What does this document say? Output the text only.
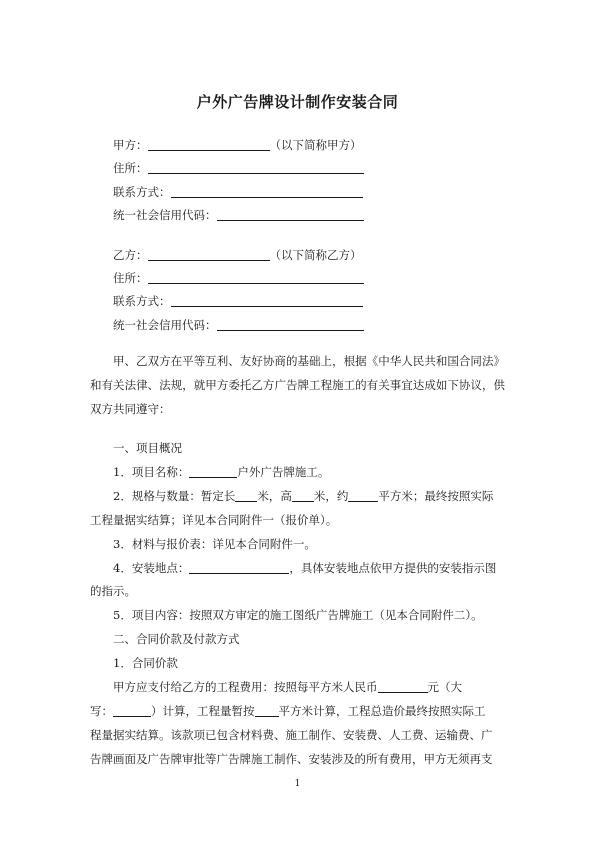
户外广告牌设计制作安装合同
甲方：	（以下简称甲方）
住所：
联系方式：
统一社会信用代码：
乙方：	（以下简称乙方）
住所：
联系方式：
统一社会信用代码：
甲、乙双方在平等互利、友好协商的基础上，根据《中华人民共和国合同法》和有关法律、法规，就甲方委托乙方广告牌工程施工的有关事宜达成如下协议，供双方共同遵守：
一、项目概况
1．项目名称：	户外广告牌施工。
2．规格与数量：暂定长 米，高 米，约	平方米；最终按照实际
工程量据实结算；详见本合同附件一（报价单）。
3．材料与报价表：详见本合同附件一。
4．安装地点：	，具体安装地点依甲方提供的安装指示图
的指示。
5．项目内容：按照双方审定的施工图纸广告牌施工（见本合同附件二）。
二、合同价款及付款方式
1．合同价款
甲方应支付给乙方的工程费用：按照每平方米人民币	元（大
写：	）计算，工程量暂按 平方米计算，工程总造价最终按照实际工
程量据实结算。该款项已包含材料费、施工制作、安装费、人工费、运输费、广
告牌画面及广告牌审批等广告牌施工制作、安装涉及的所有费用，甲方无须再支
1
